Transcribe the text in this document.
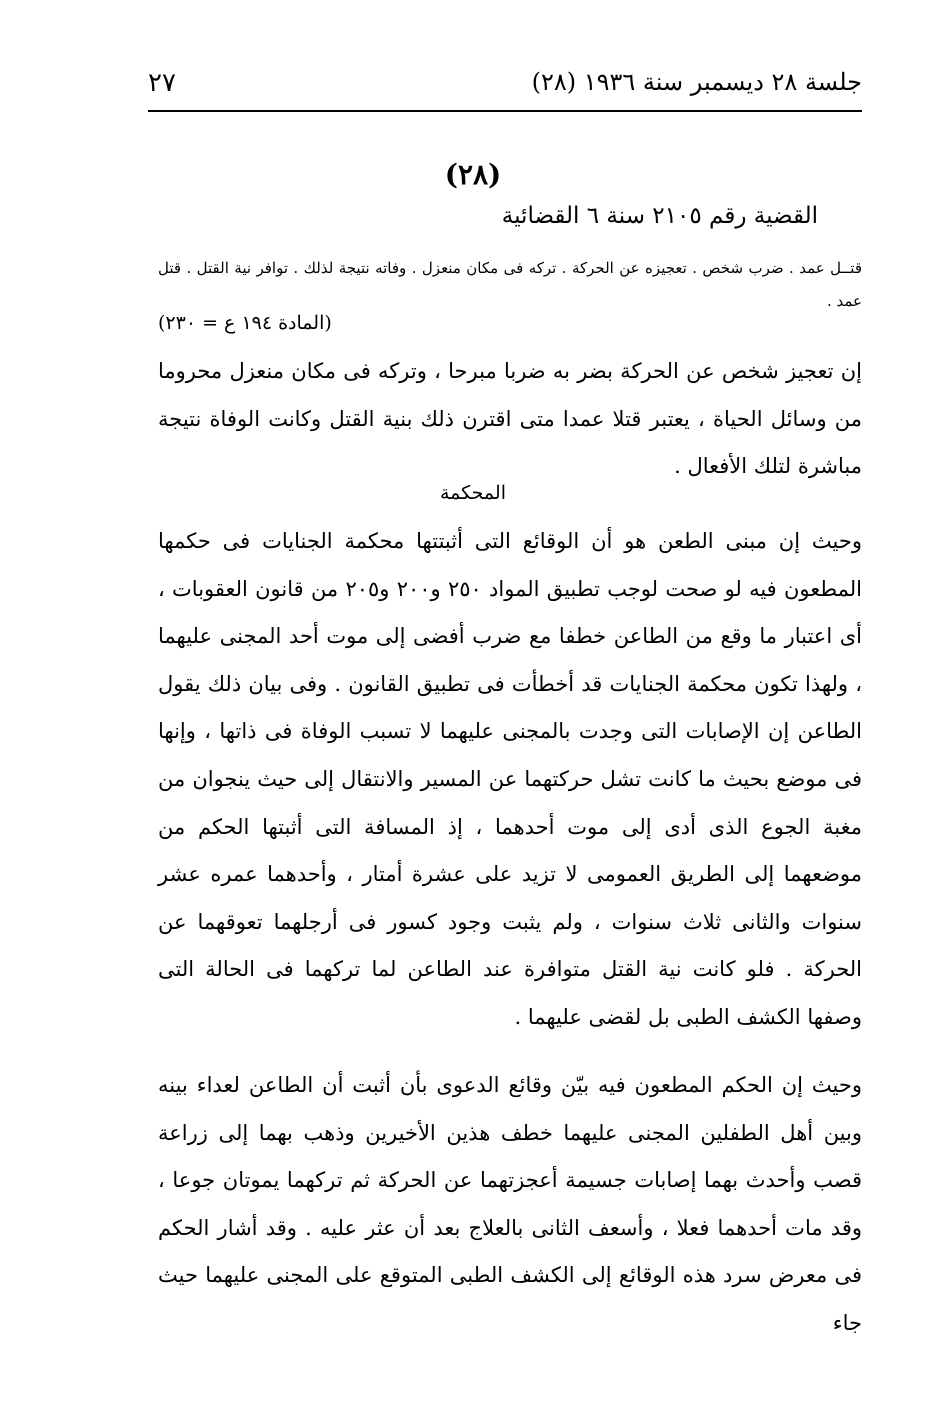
جلسة ٢٨ ديسمبر سنة ١٩٣٦ (٢٨)
٢٧
(٢٨)
القضية رقم ٢١٠٥ سنة ٦ القضائية
قتــل عمد . ضرب شخص . تعجيزه عن الحركة . تركه فى مكان منعزل . وفاته نتيجة لذلك . توافر نية القتل . قتل عمد .
(المادة ١٩٤ ع = ٢٣٠)

إن تعجيز شخص عن الحركة بضر به ضربا مبرحا ، وتركه فى مكان منعزل محروما من وسائل الحياة ، يعتبر قتلا عمدا متى اقترن ذلك بنية القتل وكانت الوفاة نتيجة مباشرة لتلك الأفعال .

المحكمة

وحيث إن مبنى الطعن هو أن الوقائع التى أثبتتها محكمة الجنايات فى حكمها المطعون فيه لو صحت لوجب تطبيق المواد ٢٥٠ و٢٠٠ و٢٠٥ من قانون العقوبات ، أى اعتبار ما وقع من الطاعن خطفا مع ضرب أفضى إلى موت أحد المجنى عليهما ، ولهذا تكون محكمة الجنايات قد أخطأت فى تطبيق القانون . وفى بيان ذلك يقول الطاعن إن الإصابات التى وجدت بالمجنى عليهما لا تسبب الوفاة فى ذاتها ، وإنها فى موضع بحيث ما كانت تشل حركتهما عن المسير والانتقال إلى حيث ينجوان من مغبة الجوع الذى أدى إلى موت أحدهما ، إذ المسافة التى أثبتها الحكم من موضعهما إلى الطريق العمومى لا تزيد على عشرة أمتار ، وأحدهما عمره عشر سنوات والثانى ثلاث سنوات ، ولم يثبت وجود كسور فى أرجلهما تعوقهما عن الحركة . فلو كانت نية القتل متوافرة عند الطاعن لما تركهما فى الحالة التى وصفها الكشف الطبى بل لقضى عليهما .

وحيث إن الحكم المطعون فيه بيّن وقائع الدعوى بأن أثبت أن الطاعن لعداء بينه وبين أهل الطفلين المجنى عليهما خطف هذين الأخيرين وذهب بهما إلى زراعة قصب وأحدث بهما إصابات جسيمة أعجزتهما عن الحركة ثم تركهما يموتان جوعا ، وقد مات أحدهما فعلا ، وأسعف الثانى بالعلاج بعد أن عثر عليه . وقد أشار الحكم فى معرض سرد هذه الوقائع إلى الكشف الطبى المتوقع على المجنى عليهما حيث جاء
